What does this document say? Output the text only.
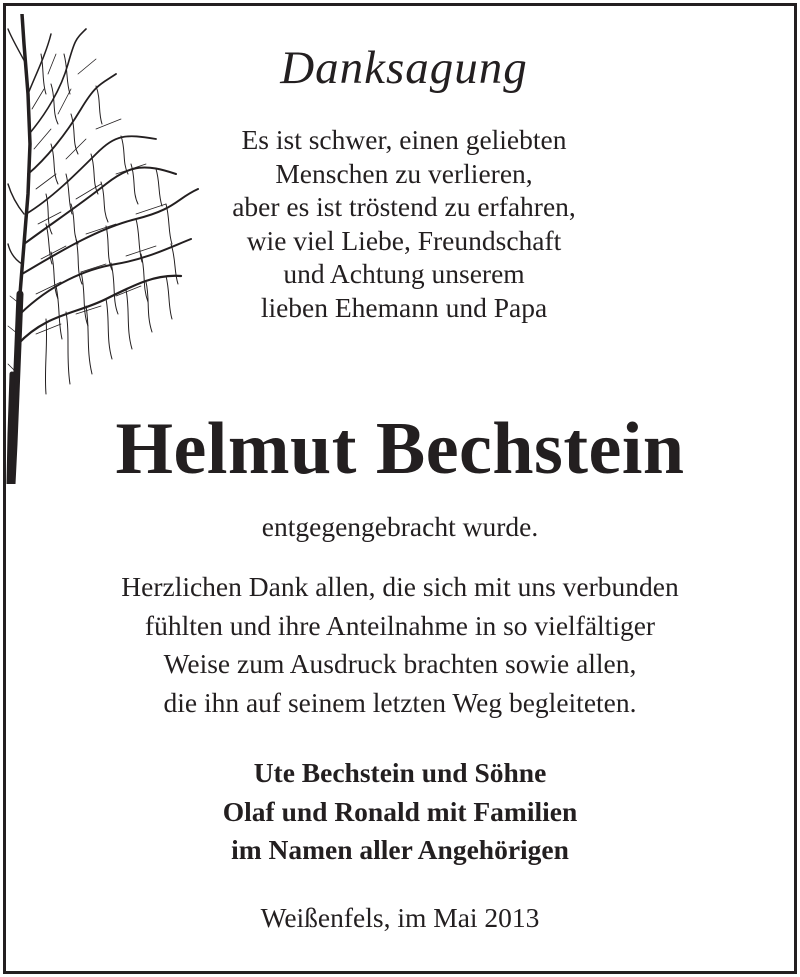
Danksagung
Es ist schwer, einen geliebten
Menschen zu verlieren,
aber es ist tröstend zu erfahren,
wie viel Liebe, Freundschaft
und Achtung unserem
lieben Ehemann und Papa
Helmut Bechstein
entgegengebracht wurde.
Herzlichen Dank allen, die sich mit uns verbunden
fühlten und ihre Anteilnahme in so vielfältiger
Weise zum Ausdruck brachten sowie allen,
die ihn auf seinem letzten Weg begleiteten.
Ute Bechstein und Söhne
Olaf und Ronald mit Familien
im Namen aller Angehörigen
Weißenfels, im Mai 2013
